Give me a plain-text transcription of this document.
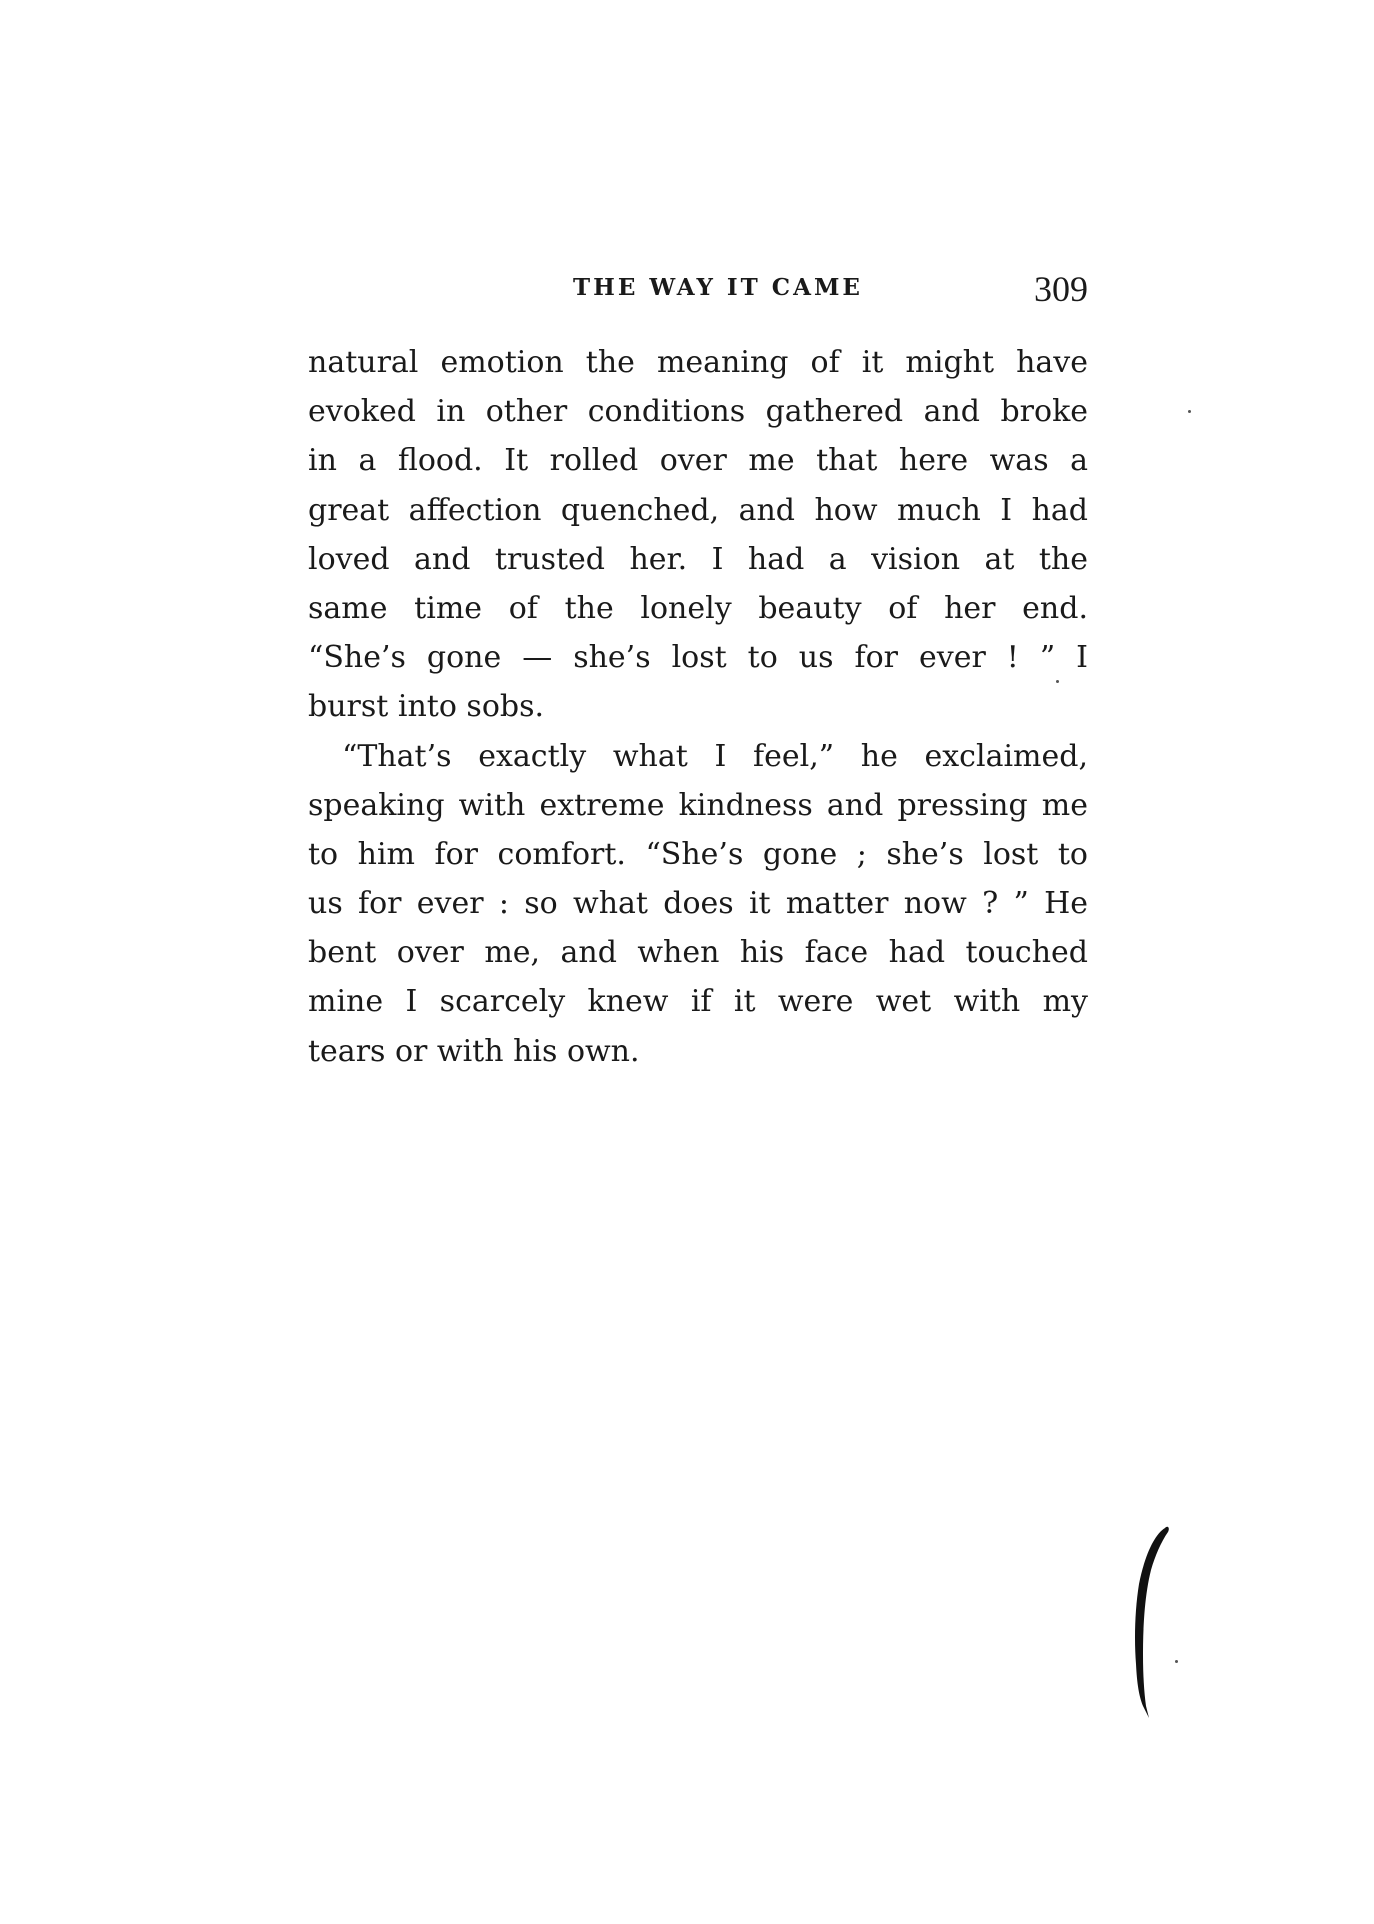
THE WAY IT CAME	309
natural emotion the meaning of it might have
evoked in other conditions gathered and broke
in a flood. It rolled over me that here was a
great affection quenched, and how much I had
loved and trusted her. I had a vision at the
same time of the lonely beauty of her end.
“She’s gone — she’s lost to us for ever ! ” I
burst into sobs.
“That’s exactly what I feel,” he exclaimed,
speaking with extreme kindness and pressing me
to him for comfort. “She’s gone ; she’s lost to
us for ever : so what does it matter now ? ” He
bent over me, and when his face had touched
mine I scarcely knew if it were wet with my
tears or with his own.
